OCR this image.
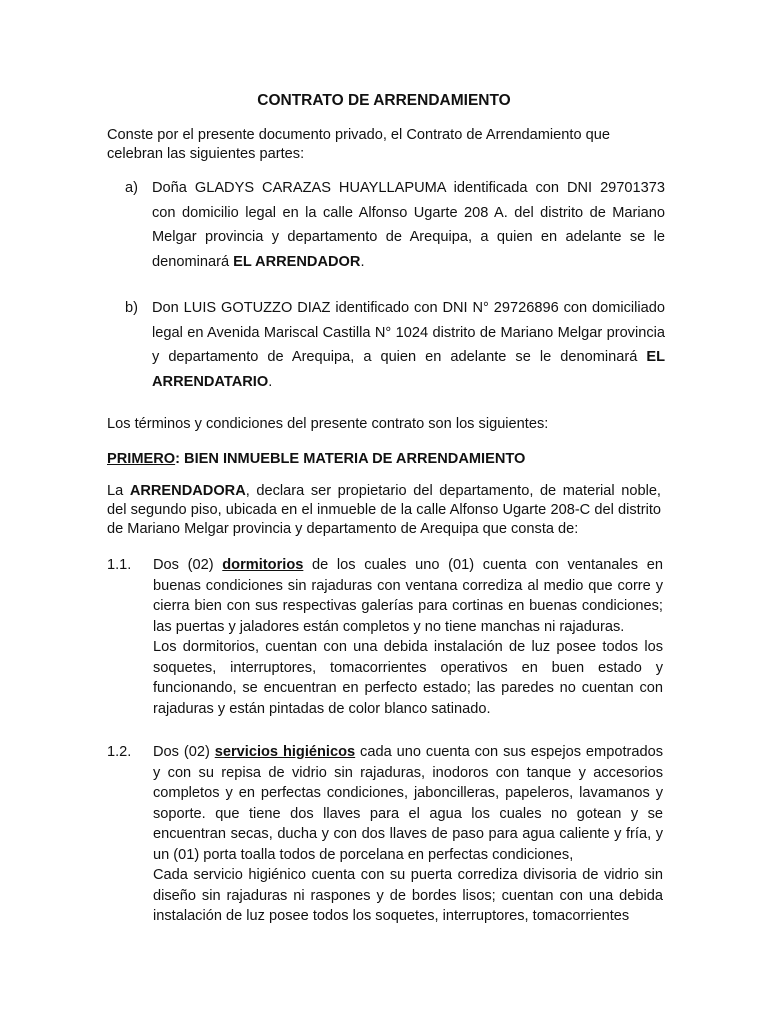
CONTRATO DE ARRENDAMIENTO
Conste por el presente documento privado, el Contrato de Arrendamiento que celebran las siguientes partes:
a) Doña GLADYS CARAZAS HUAYLLAPUMA identificada con DNI 29701373 con domicilio legal en la calle Alfonso Ugarte 208 A. del distrito de Mariano Melgar provincia y departamento de Arequipa, a quien en adelante se le denominará EL ARRENDADOR.
b) Don LUIS GOTUZZO DIAZ identificado con DNI N° 29726896 con domiciliado legal en Avenida Mariscal Castilla N° 1024 distrito de Mariano Melgar provincia y departamento de Arequipa, a quien en adelante se le denominará EL ARRENDATARIO.
Los términos y condiciones del presente contrato son los siguientes:
PRIMERO: BIEN INMUEBLE MATERIA DE ARRENDAMIENTO
La ARRENDADORA, declara ser propietario del departamento, de material noble, del segundo piso, ubicada en el inmueble de la calle Alfonso Ugarte 208-C del distrito de Mariano Melgar provincia y departamento de Arequipa que consta de:
1.1. Dos (02) dormitorios de los cuales uno (01) cuenta con ventanales en buenas condiciones sin rajaduras con ventana corrediza al medio que corre y cierra bien con sus respectivas galerías para cortinas en buenas condiciones; las puertas y jaladores están completos y no tiene manchas ni rajaduras.
Los dormitorios, cuentan con una debida instalación de luz posee todos los soquetes, interruptores, tomacorrientes operativos en buen estado y funcionando, se encuentran en perfecto estado; las paredes no cuentan con rajaduras y están pintadas de color blanco satinado.
1.2. Dos (02) servicios higiénicos cada uno cuenta con sus espejos empotrados y con su repisa de vidrio sin rajaduras, inodoros con tanque y accesorios completos y en perfectas condiciones, jaboncilleras, papeleros, lavamanos y soporte. que tiene dos llaves para el agua los cuales no gotean y se encuentran secas, ducha y con dos llaves de paso para agua caliente y fría, y un (01) porta toalla todos de porcelana en perfectas condiciones,
Cada servicio higiénico cuenta con su puerta corrediza divisoria de vidrio sin diseño sin rajaduras ni raspones y de bordes lisos; cuentan con una debida instalación de luz posee todos los soquetes, interruptores, tomacorrientes
